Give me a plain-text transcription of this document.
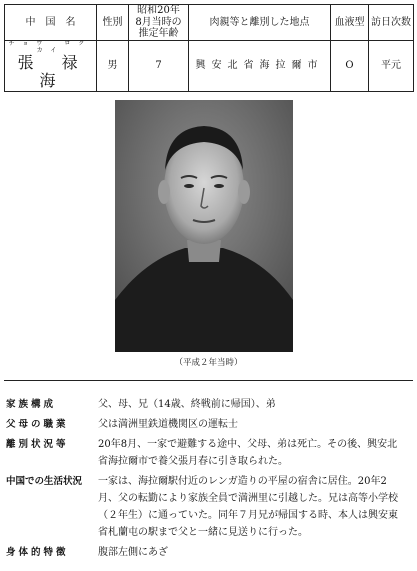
中　国　名	性別	昭和20年
8月当時の
推定年齢	肉親等と離別した地点	血液型	訪日次数

チョウ　ロク　カイ
張　禄　海	男	7	興安北省海拉爾市	O	平元
（平成２年当時）
家族構成	父、母、兄（14歳、終戦前に帰国）、弟
父母の職業	父は満洲里鉄道機関区の運転士
離別状況等	20年8月、一家で避難する途中、父母、弟は死亡。その後、興安北省海拉爾市で養父張月春に引き取られた。
中国での生活状況	一家は、海拉爾駅付近のレンガ造りの平屋の宿舎に居住。20年2月、父の転勤により家族全員で満洲里に引越した。兄は高等小学校（２年生）に通っていた。同年７月兄が帰国する時、本人は興安東省札蘭屯の駅まで父と一緒に見送りに行った。
身体的特徴	腹部左側にあざ
